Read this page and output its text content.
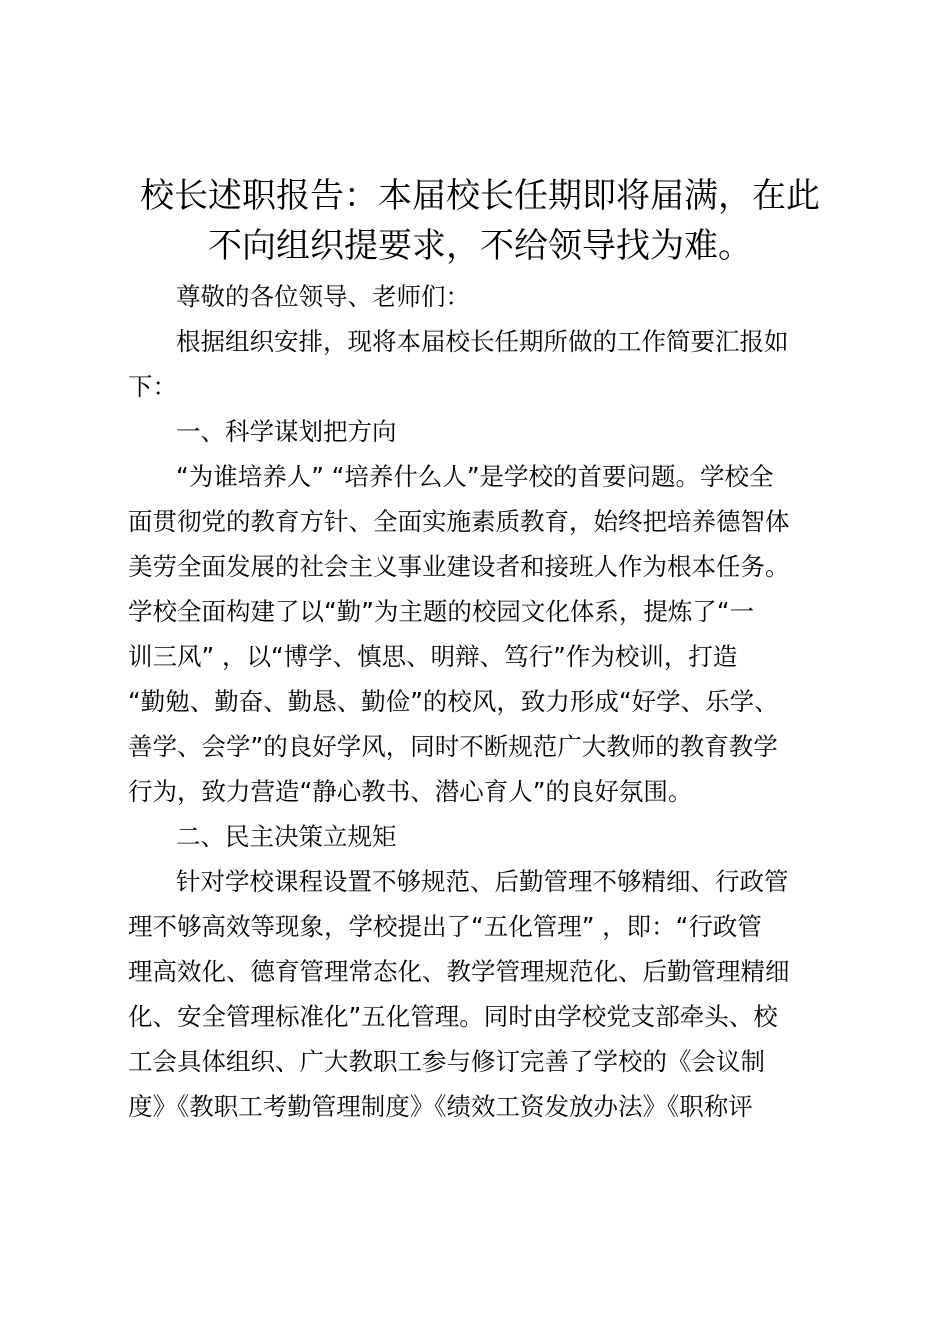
校长述职报告：本届校长任期即将届满，在此
不向组织提要求，不给领导找为难。
尊敬的各位领导、老师们：
根据组织安排，现将本届校长任期所做的工作简要汇报如
下：
一、科学谋划把方向
“为谁培养人” “培养什么人”是学校的首要问题。学校全
面贯彻党的教育方针、全面实施素质教育，始终把培养德智体
美劳全面发展的社会主义事业建设者和接班人作为根本任务。
学校全面构建了以“勤”为主题的校园文化体系，提炼了“一
训三风” ，以“博学、慎思、明辩、笃行”作为校训，打造
“勤勉、勤奋、勤恳、勤俭”的校风，致力形成“好学、乐学、
善学、会学”的良好学风，同时不断规范广大教师的教育教学
行为，致力营造“静心教书、潜心育人”的良好氛围。
二、民主决策立规矩
针对学校课程设置不够规范、后勤管理不够精细、行政管
理不够高效等现象，学校提出了“五化管理” ，即：“行政管
理高效化、德育管理常态化、教学管理规范化、后勤管理精细
化、安全管理标准化”五化管理。同时由学校党支部牵头、校
工会具体组织、广大教职工参与修订完善了学校的《会议制
度》《教职工考勤管理制度》《绩效工资发放办法》《职称评
